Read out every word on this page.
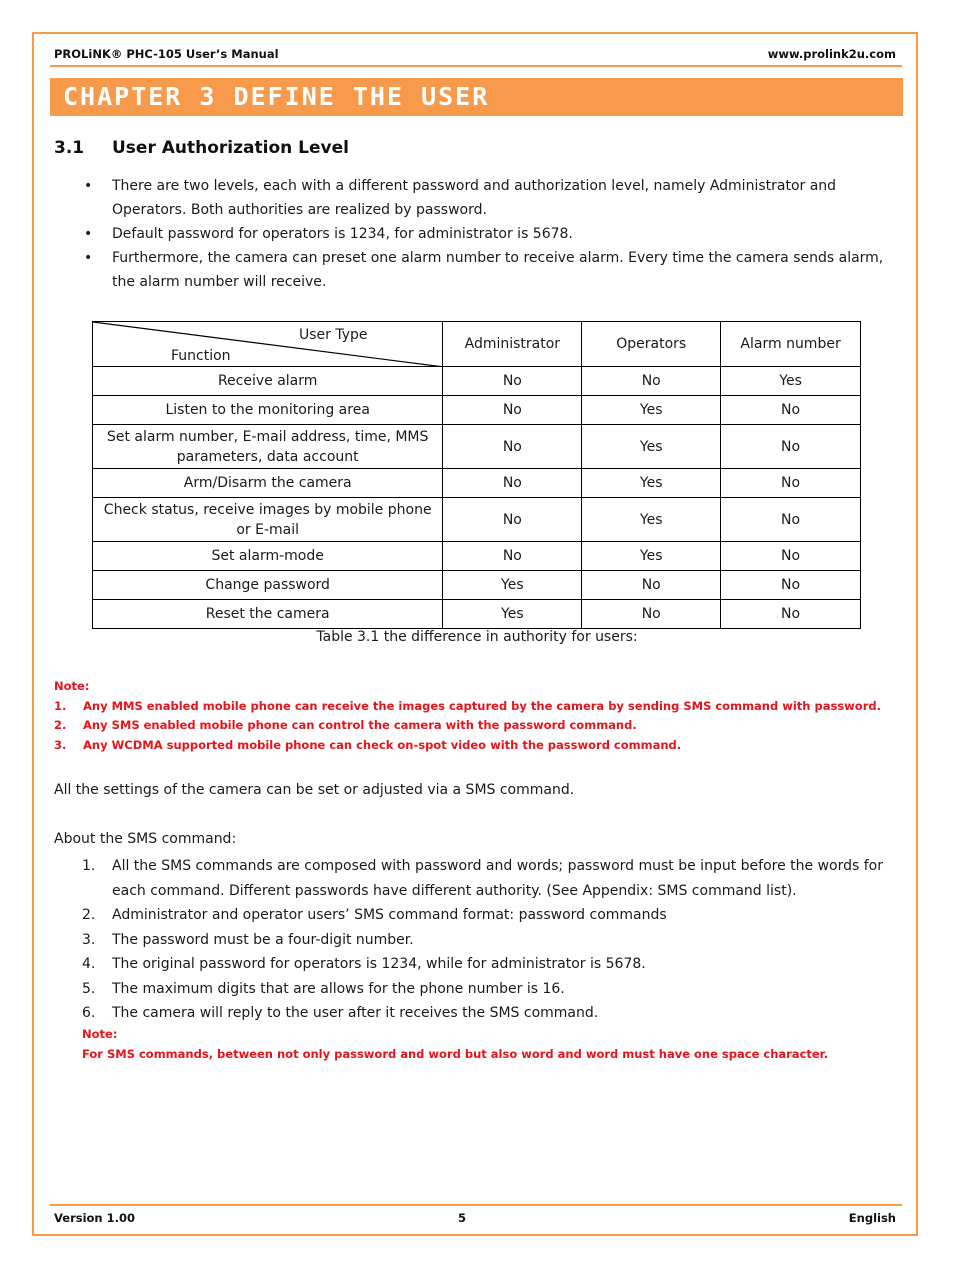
PROLiNK® PHC-105 User’s Manual	www.prolink2u.com
CHAPTER 3 DEFINE THE USER
3.1 User Authorization Level
• There are two levels, each with a different password and authorization level, namely Administrator and Operators. Both authorities are realized by password.
• Default password for operators is 1234, for administrator is 5678.
• Furthermore, the camera can preset one alarm number to receive alarm. Every time the camera sends alarm, the alarm number will receive.
User Type
Function	Administrator	Operators	Alarm number
Receive alarm	No	No	Yes
Listen to the monitoring area	No	Yes	No
Set alarm number, E-mail address, time, MMS parameters, data account	No	Yes	No
Arm/Disarm the camera	No	Yes	No
Check status, receive images by mobile phone or E-mail	No	Yes	No
Set alarm-mode	No	Yes	No
Change password	Yes	No	No
Reset the camera	Yes	No	No
Table 3.1 the difference in authority for users:
Note:
1. Any MMS enabled mobile phone can receive the images captured by the camera by sending SMS command with password.
2. Any SMS enabled mobile phone can control the camera with the password command.
3. Any WCDMA supported mobile phone can check on-spot video with the password command.
All the settings of the camera can be set or adjusted via a SMS command.
About the SMS command:
1. All the SMS commands are composed with password and words; password must be input before the words for each command. Different passwords have different authority. (See Appendix: SMS command list).
2. Administrator and operator users’ SMS command format: password commands
3. The password must be a four-digit number.
4. The original password for operators is 1234, while for administrator is 5678.
5. The maximum digits that are allows for the phone number is 16.
6. The camera will reply to the user after it receives the SMS command.
Note:
For SMS commands, between not only password and word but also word and word must have one space character.
Version 1.00	5	English
